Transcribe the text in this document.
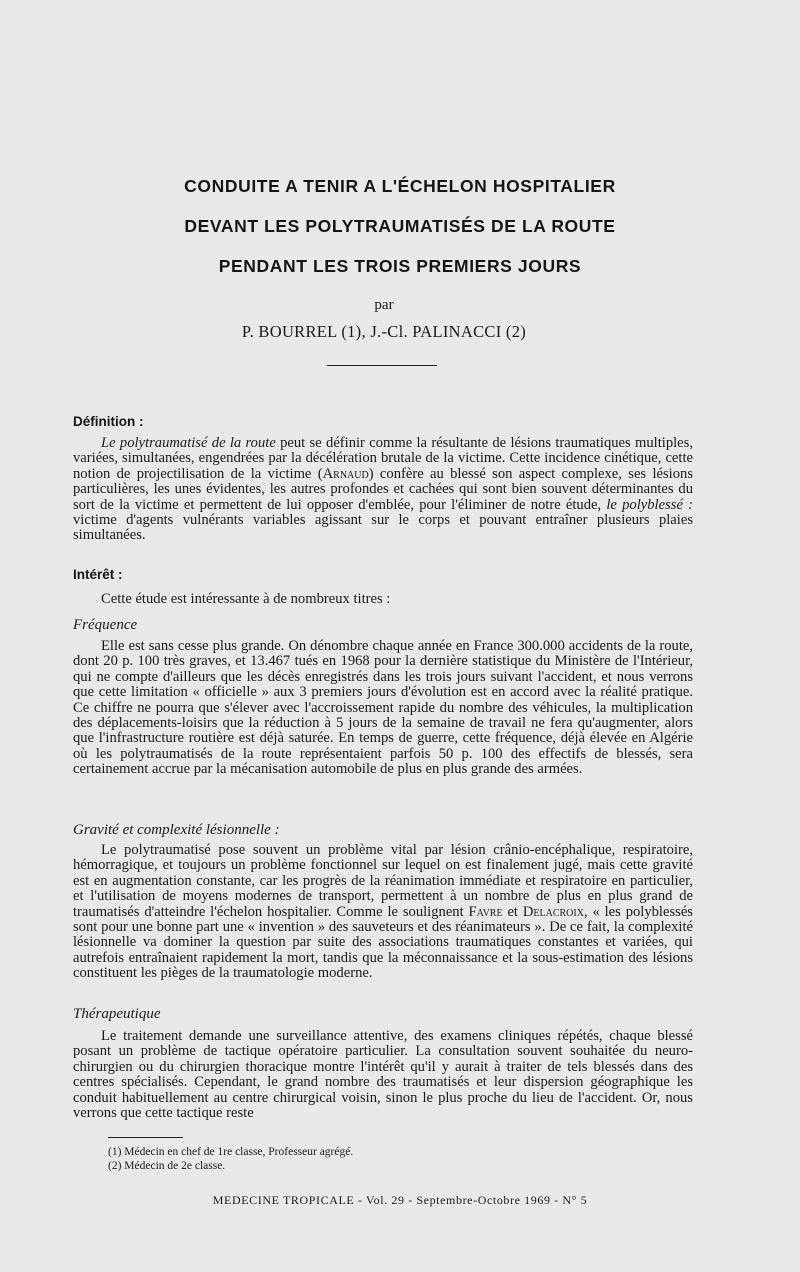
CONDUITE A TENIR A L'ÉCHELON HOSPITALIER
DEVANT LES POLYTRAUMATISÉS DE LA ROUTE
PENDANT LES TROIS PREMIERS JOURS
par
P. BOURREL (1), J.-Cl. PALINACCI (2)
Définition :
Le polytraumatisé de la route peut se définir comme la résultante de lésions traumatiques multiples, variées, simultanées, engendrées par la décélération brutale de la victime. Cette incidence cinétique, cette notion de projectilisation de la victime (Arnaud) confère au blessé son aspect complexe, ses lésions particulières, les unes évidentes, les autres profondes et cachées qui sont bien souvent déterminantes du sort de la victime et permettent de lui opposer d'emblée, pour l'éliminer de notre étude, le polyblessé : victime d'agents vulnérants variables agissant sur le corps et pouvant entraîner plusieurs plaies simultanées.
Intérêt :
Cette étude est intéressante à de nombreux titres :
Fréquence
Elle est sans cesse plus grande. On dénombre chaque année en France 300.000 accidents de la route, dont 20 p. 100 très graves, et 13.467 tués en 1968 pour la dernière statistique du Ministère de l'Intérieur, qui ne compte d'ailleurs que les décès enregistrés dans les trois jours suivant l'accident, et nous verrons que cette limitation « officielle » aux 3 premiers jours d'évolution est en accord avec la réalité pratique. Ce chiffre ne pourra que s'élever avec l'accroissement rapide du nombre des véhicules, la multiplication des déplacements-loisirs que la réduction à 5 jours de la semaine de travail ne fera qu'augmenter, alors que l'infrastructure routière est déjà saturée. En temps de guerre, cette fréquence, déjà élevée en Algérie où les polytraumatisés de la route représentaient parfois 50 p. 100 des effectifs de blessés, sera certainement accrue par la mécanisation automobile de plus en plus grande des armées.
Gravité et complexité lésionnelle :
Le polytraumatisé pose souvent un problème vital par lésion crânio-encéphalique, respiratoire, hémorragique, et toujours un problème fonctionnel sur lequel on est finalement jugé, mais cette gravité est en augmentation constante, car les progrès de la réanimation immédiate et respiratoire en particulier, et l'utilisation de moyens modernes de transport, permettent à un nombre de plus en plus grand de traumatisés d'atteindre l'échelon hospitalier. Comme le soulignent Favre et Delacroix, « les polyblessés sont pour une bonne part une « invention » des sauveteurs et des réanimateurs ». De ce fait, la complexité lésionnelle va dominer la question par suite des associations traumatiques constantes et variées, qui autrefois entraînaient rapidement la mort, tandis que la méconnaissance et la sous-estimation des lésions constituent les pièges de la traumatologie moderne.
Thérapeutique
Le traitement demande une surveillance attentive, des examens cliniques répétés, chaque blessé posant un problème de tactique opératoire particulier. La consultation souvent souhaitée du neuro-chirurgien ou du chirurgien thoracique montre l'intérêt qu'il y aurait à traiter de tels blessés dans des centres spécialisés. Cependant, le grand nombre des traumatisés et leur dispersion géographique les conduit habituellement au centre chirurgical voisin, sinon le plus proche du lieu de l'accident. Or, nous verrons que cette tactique reste
(1) Médecin en chef de 1re classe, Professeur agrégé.
(2) Médecin de 2e classe.
MEDECINE TROPICALE - Vol. 29 - Septembre-Octobre 1969 - N° 5
